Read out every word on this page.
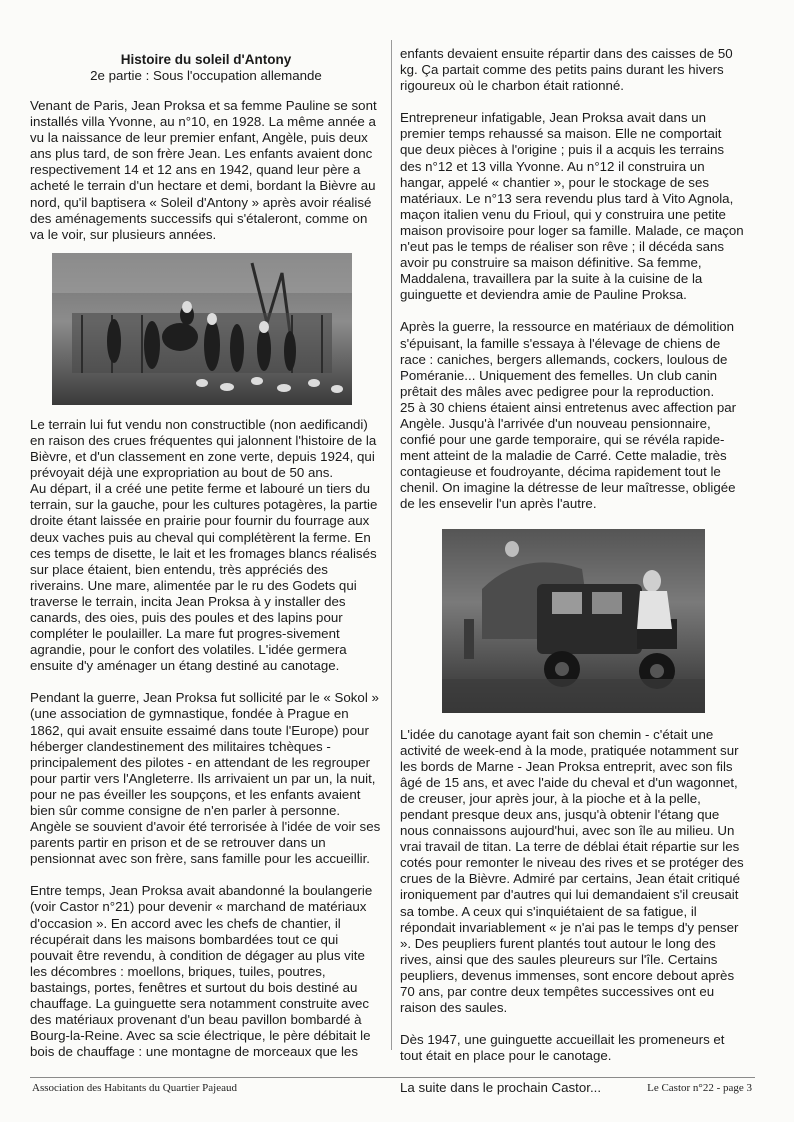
Histoire du soleil d'Antony

2e partie : Sous l'occupation allemande

Venant de Paris, Jean Proksa et sa femme Pauline se sont installés villa Yvonne, au n°10, en 1928. La même année a vu la naissance de leur premier enfant, Angèle, puis deux ans plus tard, de son frère Jean. Les enfants avaient donc respectivement 14 et 12 ans en 1942, quand leur père a acheté le terrain d'un hectare et demi, bordant la Bièvre au nord, qu'il baptisera « Soleil d'Antony » après avoir réalisé des aménagements successifs qui s'étaleront, comme on va le voir, sur plusieurs années.

Le terrain lui fut vendu non constructible (non aedificandi) en raison des crues fréquentes qui jalonnent l'histoire de la Bièvre, et d'un classement en zone verte, depuis 1924, qui prévoyait déjà une expropriation au bout de 50 ans.

Au départ, il a créé une petite ferme et labouré un tiers du terrain, sur la gauche, pour les cultures potagères, la partie droite étant laissée en prairie pour fournir du fourrage aux deux vaches puis au cheval qui complétèrent la ferme. En ces temps de disette, le lait et les fromages blancs réalisés sur place étaient, bien entendu, très appréciés des riverains. Une mare, alimentée par le ru des Godets qui traverse le terrain, incita Jean Proksa à y installer des canards, des oies, puis des poules et des lapins pour compléter le poulailler. La mare fut progres-sivement agrandie, pour le confort des volatiles. L'idée germera ensuite d'y aménager un étang destiné au canotage.

Pendant la guerre, Jean Proksa fut sollicité par le « Sokol » (une association de gymnastique, fondée à Prague en 1862, qui avait ensuite essaimé dans toute l'Europe) pour héberger clandestinement des militaires tchèques - principalement des pilotes - en attendant de les regrouper pour partir vers l'Angleterre. Ils arrivaient un par un, la nuit, pour ne pas éveiller les soupçons, et les enfants avaient bien sûr comme consigne de n'en parler à personne. Angèle se souvient d'avoir été terrorisée à l'idée de voir ses parents partir en prison et de se retrouver dans un pensionnat avec son frère, sans famille pour les accueillir.

Entre temps, Jean Proksa avait abandonné la boulangerie (voir Castor n°21) pour devenir « marchand de matériaux d'occasion ». En accord avec les chefs de chantier, il récupérait dans les maisons bombardées tout ce qui pouvait être revendu, à condition de dégager au plus vite les décombres : moellons, briques, tuiles, poutres, bastaings, portes, fenêtres et surtout du bois destiné au chauffage. La guinguette sera notamment construite avec des matériaux provenant d'un beau pavillon bombardé à Bourg-la-Reine. Avec sa scie électrique, le père débitait le bois de chauffage : une montagne de morceaux que les

enfants devaient ensuite répartir dans des caisses de 50 kg. Ça partait comme des petits pains durant les hivers rigoureux où le charbon était rationné.

Entrepreneur infatigable, Jean Proksa avait dans un premier temps rehaussé sa maison. Elle ne comportait que deux pièces à l'origine ; puis il a acquis les terrains des n°12 et 13 villa Yvonne. Au n°12 il construira un hangar, appelé « chantier », pour le stockage de ses matériaux. Le n°13 sera revendu plus tard à Vito Agnola, maçon italien venu du Frioul, qui y construira une petite maison provisoire pour loger sa famille. Malade, ce maçon n'eut pas le temps de réaliser son rêve ; il décéda sans avoir pu construire sa maison définitive. Sa femme, Maddalena, travaillera par la suite à la cuisine de la guinguette et deviendra amie de Pauline Proksa.

Après la guerre, la ressource en matériaux de démolition s'épuisant, la famille s'essaya à l'élevage de chiens de race : caniches, bergers allemands, cockers, loulous de Poméranie... Uniquement des femelles. Un club canin prêtait des mâles avec pedigree pour la reproduction.

25 à 30 chiens étaient ainsi entretenus avec affection par Angèle. Jusqu'à l'arrivée d'un nouveau pensionnaire, confié pour une garde temporaire, qui se révéla rapide-ment atteint de la maladie de Carré. Cette maladie, très contagieuse et foudroyante, décima rapidement tout le chenil. On imagine la détresse de leur maîtresse, obligée de les ensevelir l'un après l'autre.

L'idée du canotage ayant fait son chemin - c'était une activité de week-end à la mode, pratiquée notamment sur les bords de Marne - Jean Proksa entreprit, avec son fils âgé de 15 ans, et avec l'aide du cheval et d'un wagonnet, de creuser, jour après jour, à la pioche et à la pelle, pendant presque deux ans, jusqu'à obtenir l'étang que nous connaissons aujourd'hui, avec son île au milieu. Un vrai travail de titan. La terre de déblai était répartie sur les cotés pour remonter le niveau des rives et se protéger des crues de la Bièvre. Admiré par certains, Jean était critiqué ironiquement par d'autres qui lui demandaient s'il creusait sa tombe. A ceux qui s'inquiétaient de sa fatigue, il répondait invariablement « je n'ai pas le temps d'y penser ». Des peupliers furent plantés tout autour le long des rives, ainsi que des saules pleureurs sur l'île. Certains peupliers, devenus immenses, sont encore debout après 70 ans, par contre deux tempêtes successives ont eu raison des saules.

Dès 1947, une guinguette accueillait les promeneurs et tout était en place pour le canotage.

La suite dans le prochain Castor...

Association des Habitants du Quartier Pajeaud	Le Castor n°22 - page 3
